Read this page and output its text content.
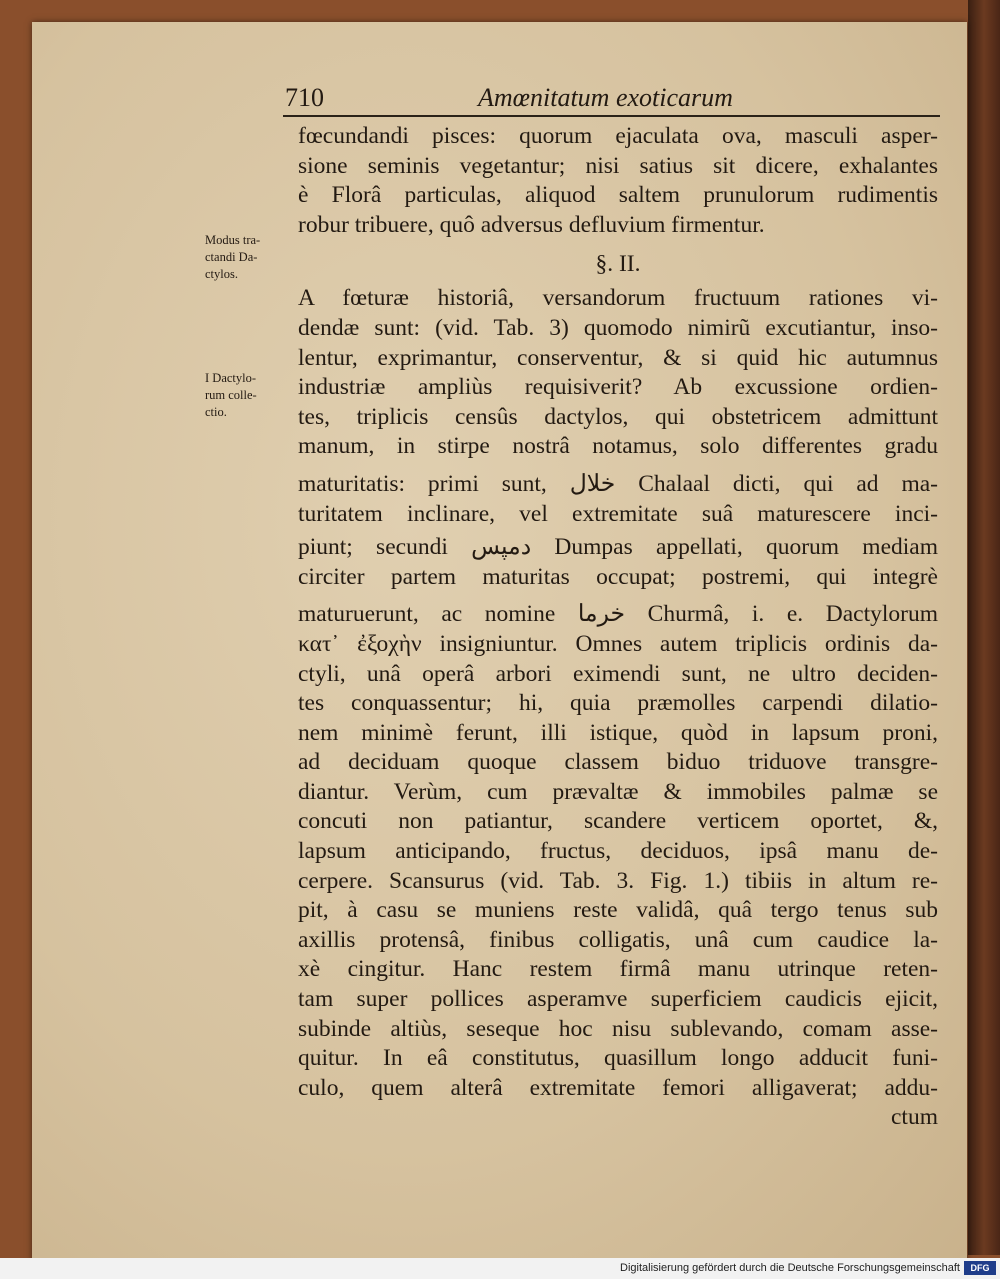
710	Amœnitatum exoticarum
Modus tra-
ctandi Da-
ctylos.
I Dactylo-
rum colle-
ctio.
fœcundandi pisces: quorum ejaculata ova, masculi asper-
sione seminis vegetantur; nisi satius sit dicere, exhalantes
è Florâ particulas, aliquod saltem prunulorum rudimentis
robur tribuere, quô adversus defluvium firmentur.
§. II.
A fœturæ historiâ, versandorum fructuum rationes vi-
dendæ sunt: (vid. Tab. 3) quomodo nimirũ excutiantur, inso-
lentur, exprimantur, conserventur, & si quid hic autumnus
industriæ ampliùs requisiverit? Ab excussione ordien-
tes, triplicis censûs dactylos, qui obstetricem admittunt
manum, in stirpe nostrâ notamus, solo differentes gradu
maturitatis: primi sunt, خلال Chalaal dicti, qui ad ma-
turitatem inclinare, vel extremitate suâ maturescere inci-
piunt; secundi دمپس Dumpas appellati, quorum mediam
circiter partem maturitas occupat; postremi, qui integrè
maturuerunt, ac nomine خرما Churmâ, i. e. Dactylorum
κατ᾽ ἐξοχὴν insigniuntur. Omnes autem triplicis ordinis da-
ctyli, unâ operâ arbori eximendi sunt, ne ultro deciden-
tes conquassentur; hi, quia præmolles carpendi dilatio-
nem minimè ferunt, illi istique, quòd in lapsum proni,
ad deciduam quoque classem biduo triduove transgre-
diantur. Verùm, cum prævaltæ & immobiles palmæ se
concuti non patiantur, scandere verticem oportet, &,
lapsum anticipando, fructus, deciduos, ipsâ manu de-
cerpere. Scansurus (vid. Tab. 3. Fig. 1.) tibiis in altum re-
pit, à casu se muniens reste validâ, quâ tergo tenus sub
axillis protensâ, finibus colligatis, unâ cum caudice la-
xè cingitur. Hanc restem firmâ manu utrinque reten-
tam super pollices asperamve superficiem caudicis ejicit,
subinde altiùs, seseque hoc nisu sublevando, comam asse-
quitur. In eâ constitutus, quasillum longo adducit funi-
culo, quem alterâ extremitate femori alligaverat; addu-
ctum
Digitalisierung gefördert durch die Deutsche Forschungsgemeinschaft	DFG
